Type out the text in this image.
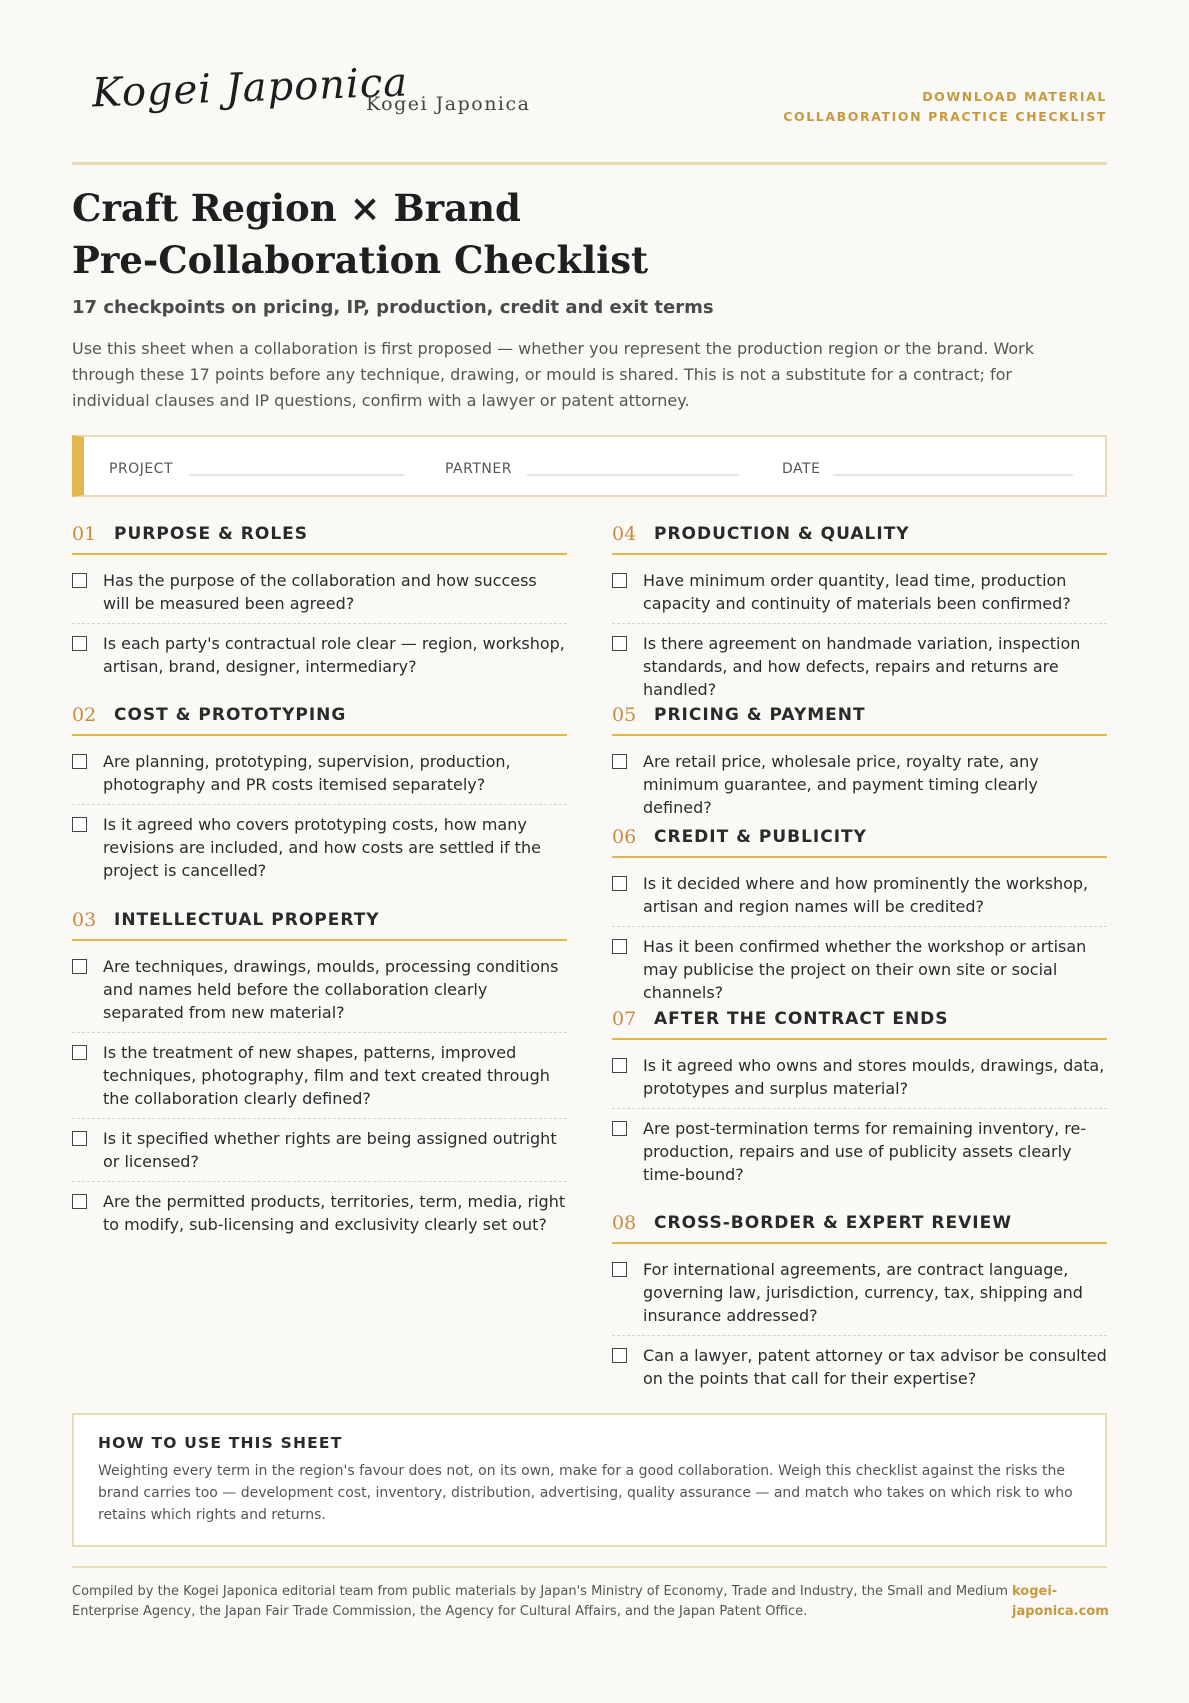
Kogei Japonica
Kogei Japonica	DOWNLOAD MATERIAL
COLLABORATION PRACTICE CHECKLIST
Craft Region × Brand
Pre-Collaboration Checklist
17 checkpoints on pricing, IP, production, credit and exit terms
Use this sheet when a collaboration is first proposed — whether you represent the production region or the brand. Work through these 17 points before any technique, drawing, or mould is shared. This is not a substitute for a contract; for individual clauses and IP questions, confirm with a lawyer or patent attorney.
PROJECT	PARTNER	DATE
01 PURPOSE & ROLES
Has the purpose of the collaboration and how success will be measured been agreed?
Is each party's contractual role clear — region, workshop, artisan, brand, designer, intermediary?
02 COST & PROTOTYPING
Are planning, prototyping, supervision, production, photography and PR costs itemised separately?
Is it agreed who covers prototyping costs, how many revisions are included, and how costs are settled if the project is cancelled?
03 INTELLECTUAL PROPERTY
Are techniques, drawings, moulds, processing conditions and names held before the collaboration clearly separated from new material?
Is the treatment of new shapes, patterns, improved techniques, photography, film and text created through the collaboration clearly defined?
Is it specified whether rights are being assigned outright or licensed?
Are the permitted products, territories, term, media, right to modify, sub-licensing and exclusivity clearly set out?
04 PRODUCTION & QUALITY
Have minimum order quantity, lead time, production capacity and continuity of materials been confirmed?
Is there agreement on handmade variation, inspection standards, and how defects, repairs and returns are handled?
05 PRICING & PAYMENT
Are retail price, wholesale price, royalty rate, any minimum guarantee, and payment timing clearly defined?
06 CREDIT & PUBLICITY
Is it decided where and how prominently the workshop, artisan and region names will be credited?
Has it been confirmed whether the workshop or artisan may publicise the project on their own site or social channels?
07 AFTER THE CONTRACT ENDS
Is it agreed who owns and stores moulds, drawings, data, prototypes and surplus material?
Are post-termination terms for remaining inventory, re-production, repairs and use of publicity assets clearly time-bound?
08 CROSS-BORDER & EXPERT REVIEW
For international agreements, are contract language, governing law, jurisdiction, currency, tax, shipping and insurance addressed?
Can a lawyer, patent attorney or tax advisor be consulted on the points that call for their expertise?
HOW TO USE THIS SHEET
Weighting every term in the region's favour does not, on its own, make for a good collaboration. Weigh this checklist against the risks the brand carries too — development cost, inventory, distribution, advertising, quality assurance — and match who takes on which risk to who retains which rights and returns.
Compiled by the Kogei Japonica editorial team from public materials by Japan's Ministry of Economy, Trade and Industry, the Small and Medium Enterprise Agency, the Japan Fair Trade Commission, the Agency for Cultural Affairs, and the Japan Patent Office.
kogei-japonica.com
